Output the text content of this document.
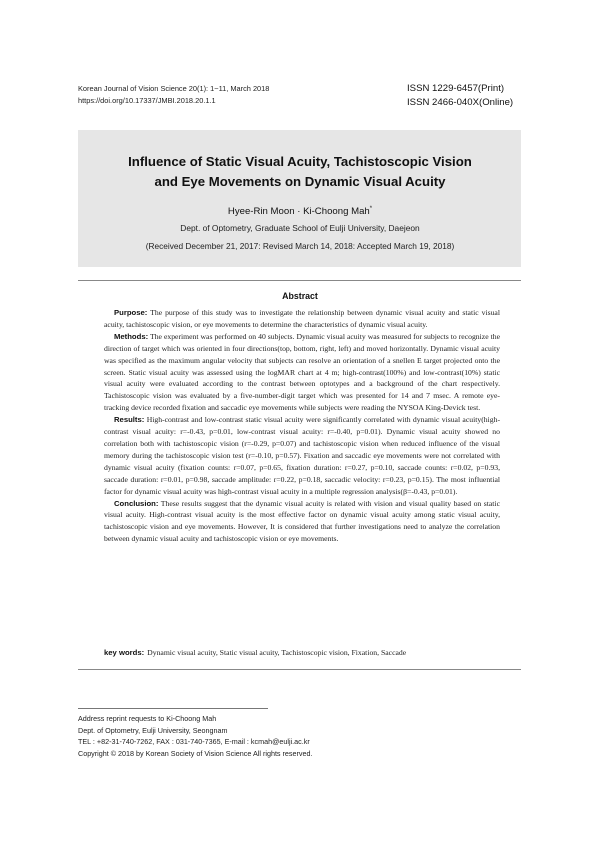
Korean Journal of Vision Science 20(1): 1~11, March 2018
https://doi.org/10.17337/JMBI.2018.20.1.1
ISSN 1229-6457(Print)
ISSN 2466-040X(Online)
Influence of Static Visual Acuity, Tachistoscopic Vision
and Eye Movements on Dynamic Visual Acuity
Hyee-Rin Moon · Ki-Choong Mah*
Dept. of Optometry, Graduate School of Eulji University, Daejeon
(Received December 21, 2017: Revised March 14, 2018: Accepted March 19, 2018)
Abstract

Purpose: The purpose of this study was to investigate the relationship between dynamic visual acuity and static visual acuity, tachistoscopic vision, or eye movements to determine the characteristics of dynamic visual acuity.

Methods: The experiment was performed on 40 subjects. Dynamic visual acuity was measured for subjects to recognize the direction of target which was oriented in four directions(top, bottom, right, left) and moved horizontally. Dynamic visual acuity was specified as the maximum angular velocity that subjects can resolve an orientation of a snellen E target projected onto the screen. Static visual acuity was assessed using the logMAR chart at 4 m; high-contrast(100%) and low-contrast(10%) static visual acuity were evaluated according to the contrast between optotypes and a background of the chart respectively. Tachistoscopic vision was evaluated by a five-number-digit target which was presented for 14 and 7 msec. A remote eye-tracking device recorded fixation and saccadic eye movements while subjects were reading the NYSOA King-Devick test.

Results: High-contrast and low-contrast static visual acuity were significantly correlated with dynamic visual acuity(high-contrast visual acuity: r=-0.43, p=0.01, low-contrast visual acuity: r=-0.40, p=0.01). Dynamic visual acuity showed no correlation both with tachistoscopic vision (r=-0.29, p=0.07) and tachistoscopic vision when reduced influence of the visual memory during the tachistoscopic vision test (r=-0.10, p=0.57). Fixation and saccadic eye movements were not correlated with dynamic visual acuity (fixation counts: r=0.07, p=0.65, fixation duration: r=0.27, p=0.10, saccade counts: r=0.02, p=0.93, saccade duration: r=0.01, p=0.98, saccade amplitude: r=0.22, p=0.18, saccadic velocity: r=0.23, p=0.15). The most influential factor for dynamic visual acuity was high-contrast visual acuity in a multiple regression analysis(β=-0.43, p=0.01).

Conclusion: These results suggest that the dynamic visual acuity is related with vision and visual quality based on static visual acuity. High-contrast visual acuity is the most effective factor on dynamic visual acuity among static visual acuity, tachistoscopic vision and eye movements. However, It is considered that further investigations need to analyze the correlation between dynamic visual acuity and tachistoscopic vision or eye movements.

key words: Dynamic visual acuity, Static visual acuity, Tachistoscopic vision, Fixation, Saccade
Address reprint requests to Ki-Choong Mah
Dept. of Optometry, Eulji University, Seongnam
TEL : +82-31-740-7262, FAX : 031-740-7365, E-mail : kcmah@eulji.ac.kr
Copyright © 2018 by Korean Society of Vision Science All rights reserved.
